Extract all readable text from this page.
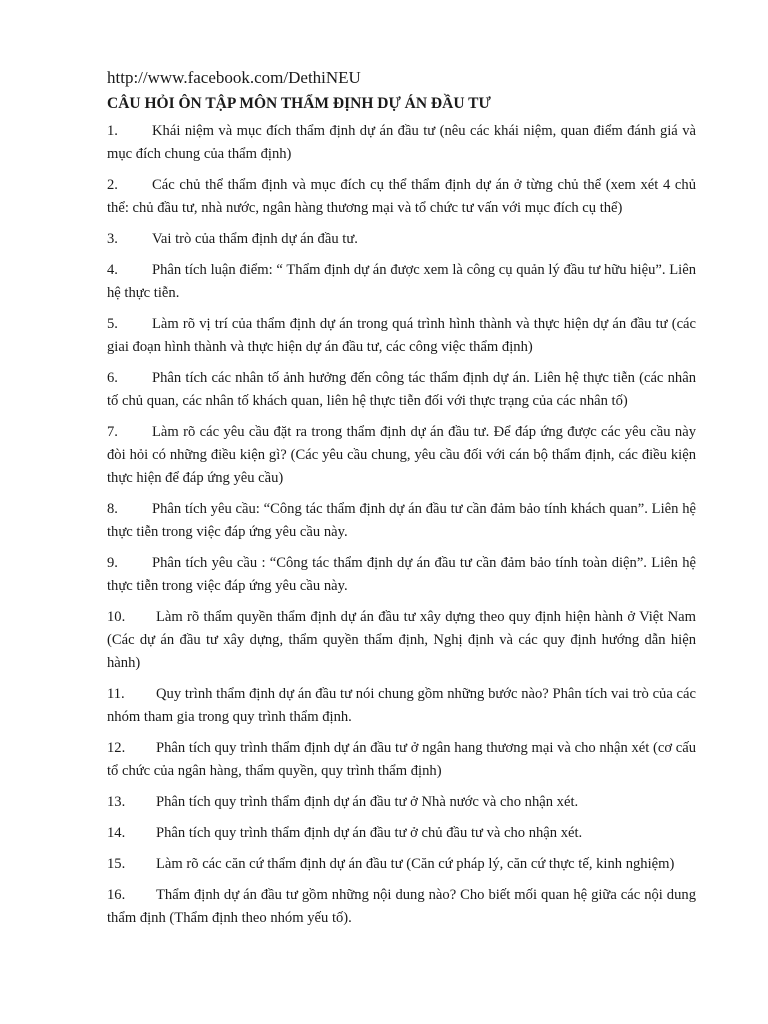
http://www.facebook.com/DethiNEU
CÂU HỎI ÔN TẬP MÔN THẨM ĐỊNH DỰ ÁN ĐẦU TƯ
1. Khái niệm và mục đích thẩm định dự án đầu tư (nêu các khái niệm, quan điểm đánh giá và mục đích chung của thẩm định)
2. Các chủ thể thẩm định và mục đích cụ thể thẩm định dự án ở từng chủ thể (xem xét 4 chủ thể: chủ đầu tư, nhà nước, ngân hàng thương mại và tổ chức tư vấn với mục đích cụ thể)
3. Vai trò của thẩm định dự án đầu tư.
4. Phân tích luận điểm: “ Thẩm định dự án được xem là công cụ quản lý đầu tư hữu hiệu”. Liên hệ thực tiễn.
5. Làm rõ vị trí của thẩm định dự án trong quá trình hình thành và thực hiện dự án đầu tư (các giai đoạn hình thành và thực hiện dự án đầu tư, các công việc thẩm định)
6. Phân tích các nhân tố ảnh hưởng đến công tác thẩm định dự án. Liên hệ thực tiễn (các nhân tố chủ quan, các nhân tố khách quan, liên hệ thực tiễn đối với thực trạng của các nhân tố)
7. Làm rõ các yêu cầu đặt ra trong thẩm định dự án đầu tư. Để đáp ứng được các yêu cầu này đòi hỏi có những điều kiện gì? (Các yêu cầu chung, yêu cầu đối với cán bộ thẩm định, các điều kiện thực hiện để đáp ứng yêu cầu)
8. Phân tích yêu cầu: “Công tác thẩm định dự án đầu tư cần đảm bảo tính khách quan”. Liên hệ thực tiễn trong việc đáp ứng yêu cầu này.
9. Phân tích yêu cầu : “Công tác thẩm định dự án đầu tư cần đảm bảo tính toàn diện”. Liên hệ thực tiễn trong việc đáp ứng yêu cầu này.
10. Làm rõ thẩm quyền thẩm định dự án đầu tư xây dựng theo quy định hiện hành ở Việt Nam (Các dự án đầu tư xây dựng, thẩm quyền thẩm định, Nghị định và các quy định hướng dẫn hiện hành)
11. Quy trình thẩm định dự án đầu tư nói chung gồm những bước nào? Phân tích vai trò của các nhóm tham gia trong quy trình thẩm định.
12. Phân tích quy trình thẩm định dự án đầu tư ở ngân hang thương mại và cho nhận xét (cơ cấu tổ chức của ngân hàng, thẩm quyền, quy trình thẩm định)
13. Phân tích quy trình thẩm định dự án đầu tư ở Nhà nước và cho nhận xét.
14. Phân tích quy trình thẩm định dự án đầu tư ở chủ đầu tư và cho nhận xét.
15. Làm rõ các căn cứ thẩm định dự án đầu tư (Căn cứ pháp lý, căn cứ thực tế, kinh nghiệm)
16. Thẩm định dự án đầu tư gồm những nội dung nào? Cho biết mối quan hệ giữa các nội dung thẩm định (Thẩm định theo nhóm yếu tố).
